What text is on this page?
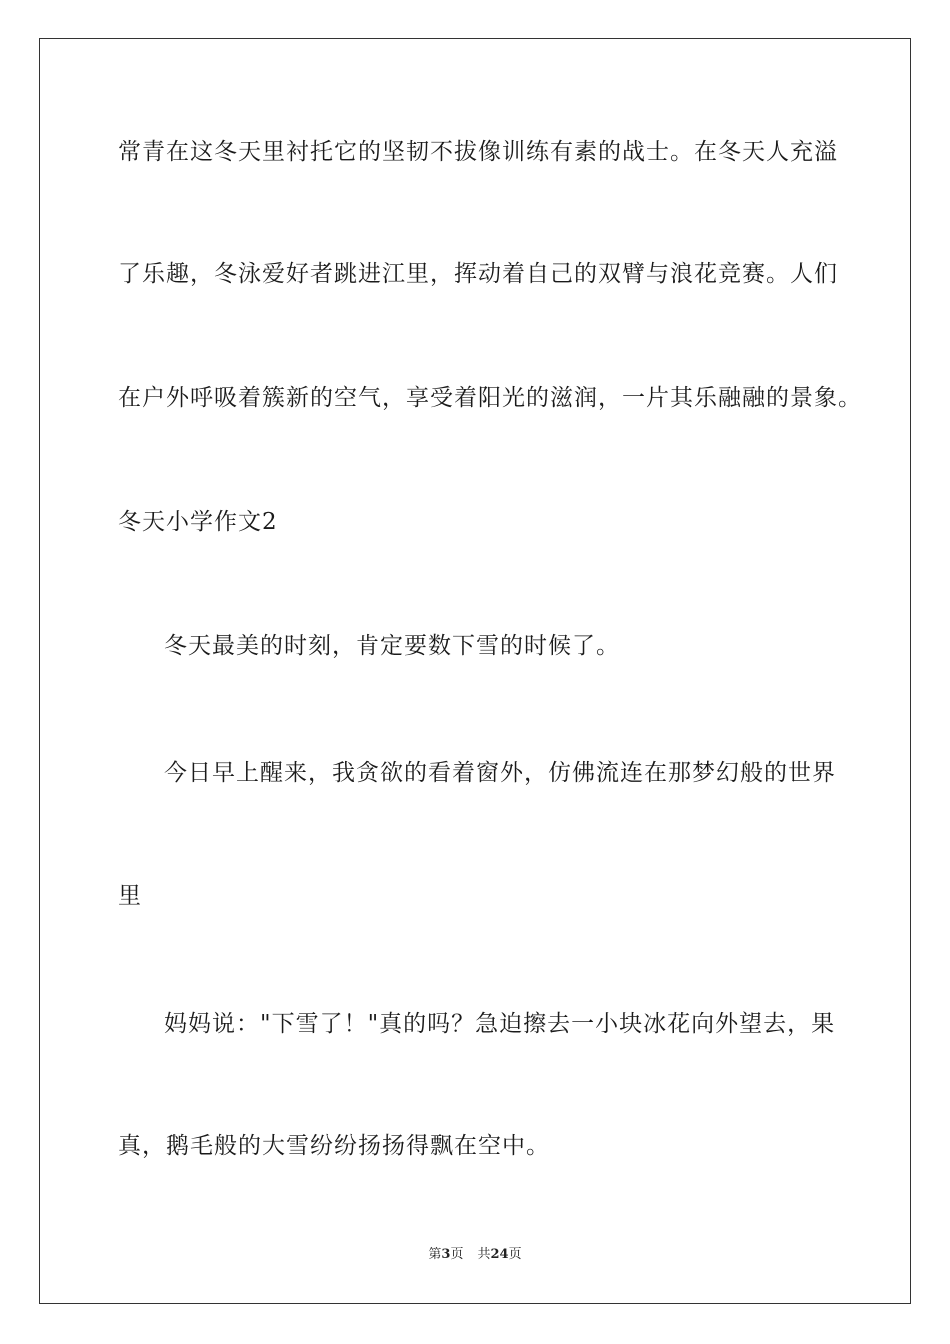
常青在这冬天里衬托它的坚韧不拔像训练有素的战士。在冬天人充溢
了乐趣，冬泳爱好者跳进江里，挥动着自己的双臂与浪花竞赛。人们
在户外呼吸着簇新的空气，享受着阳光的滋润，一片其乐融融的景象。
冬天小学作文2
冬天最美的时刻，肯定要数下雪的时候了。
今日早上醒来，我贪欲的看着窗外，仿佛流连在那梦幻般的世界
里
妈妈说："下雪了！"真的吗？急迫擦去一小块冰花向外望去，果
真，鹅毛般的大雪纷纷扬扬得飘在空中。
第3页 共24页
